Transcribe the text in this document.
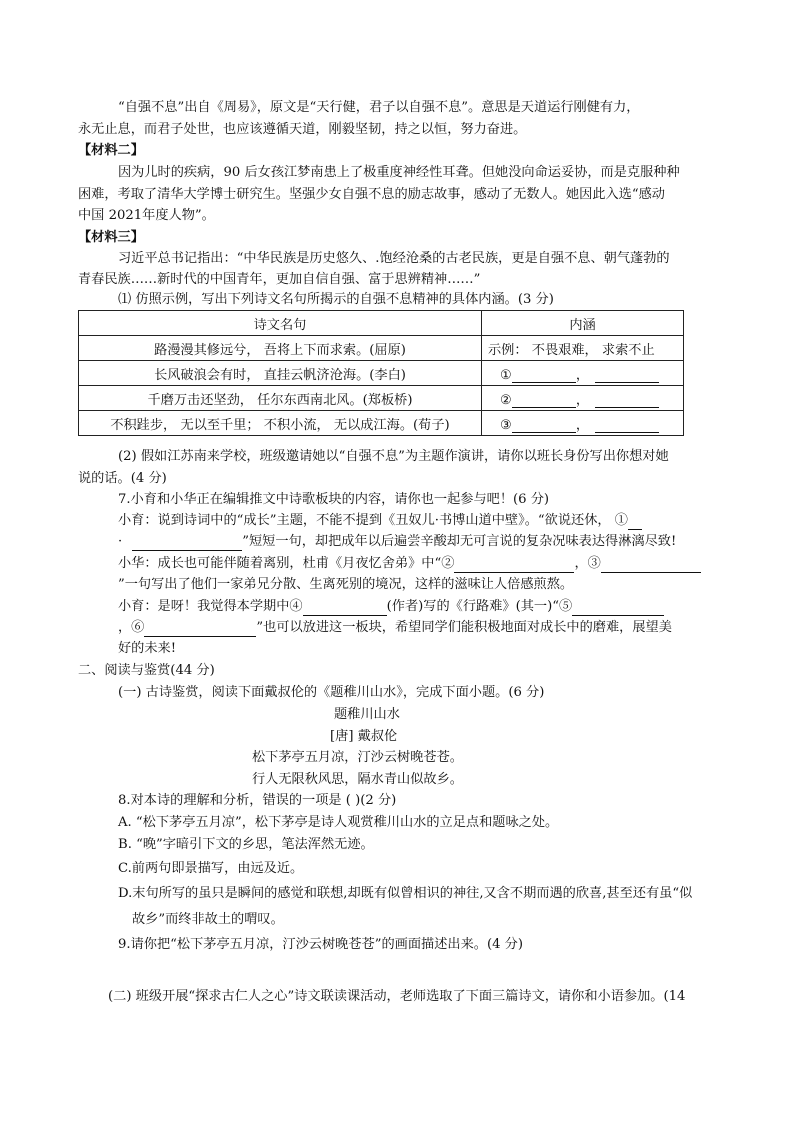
“自强不息”出自《周易》，原文是“天行健，君子以自强不息”。意思是天道运行刚健有力，
永无止息，而君子处世，也应该遵循天道，刚毅坚韧，持之以恒，努力奋进。
【材料二】
因为儿时的疾病，90 后女孩江梦南患上了极重度神经性耳聋。但她没向命运妥协，而是克服种种
困难，考取了清华大学博士研究生。坚强少女自强不息的励志故事，感动了无数人。她因此入选“感动
中国 2021年度人物”。
【材料三】
习近平总书记指出：“中华民族是历史悠久、.饱经沧桑的古老民族，更是自强不息、朝气蓬勃的
青春民族……新时代的中国青年，更加自信自强、富于思辨精神……”
⑴ 仿照示例，写出下列诗文名句所揭示的自强不息精神的具体内涵。(3 分)
诗文名句	内涵
路漫漫其修远兮， 吾将上下而求索。(屈原)	示例： 不畏艰难， 求索不止
长风破浪会有时， 直挂云帆济沧海。(李白)	① ，
千磨万击还坚劲， 任尔东西南北风。(郑板桥)	② ，
不积跬步， 无以至千里； 不积小流， 无以成江海。(荀子)	③ ，
(2) 假如江苏南来学校，班级邀请她以“自强不息”为主题作演讲，请你以班长身份写出你想对她
说的话。(4 分)
7.小育和小华正在编辑推文中诗歌板块的内容，请你也一起参与吧！(6 分)
小育：说到诗词中的“成长”主题，不能不提到《丑奴儿·书博山道中壁》。“欲说还休， ①
·	”短短一句，却把成年以后遍尝辛酸却无可言说的复杂况味表达得淋漓尽致!
小华：成长也可能伴随着离别，杜甫《月夜忆舍弟》中“②	，③
”一句写出了他们一家弟兄分散、生离死别的境况，这样的滋味让人倍感煎熬。
小育：是呀！我觉得本学期中④	(作者)写的《行路难》(其一)“⑤
，⑥	”也可以放进这一板块，希望同学们能积极地面对成长中的磨难，展望美
好的未来!
二、阅读与鉴赏(44 分)
(一) 古诗鉴赏，阅读下面戴叔伦的《题稚川山水》，完成下面小题。(6 分)
题稚川山水
[唐] 戴叔伦
松下茅亭五月凉，汀沙云树晚苍苍。
行人无限秋风思，隔水青山似故乡。
8.对本诗的理解和分析，错误的一项是 ( )(2 分)
A. “松下茅亭五月凉”，松下茅亭是诗人观赏稚川山水的立足点和题咏之处。
B. “晚”字暗引下文的乡思，笔法浑然无迹。
C.前两句即景描写，由远及近。
D.末句所写的虽只是瞬间的感觉和联想,却既有似曾相识的神往,又含不期而遇的欣喜,甚至还有虽“似
故乡”而终非故土的喟叹。
9.请你把“松下茅亭五月凉，汀沙云树晚苍苍”的画面描述出来。(4 分)
(二) 班级开展“探求古仁人之心”诗文联读课活动，老师选取了下面三篇诗文，请你和小语参加。(14
